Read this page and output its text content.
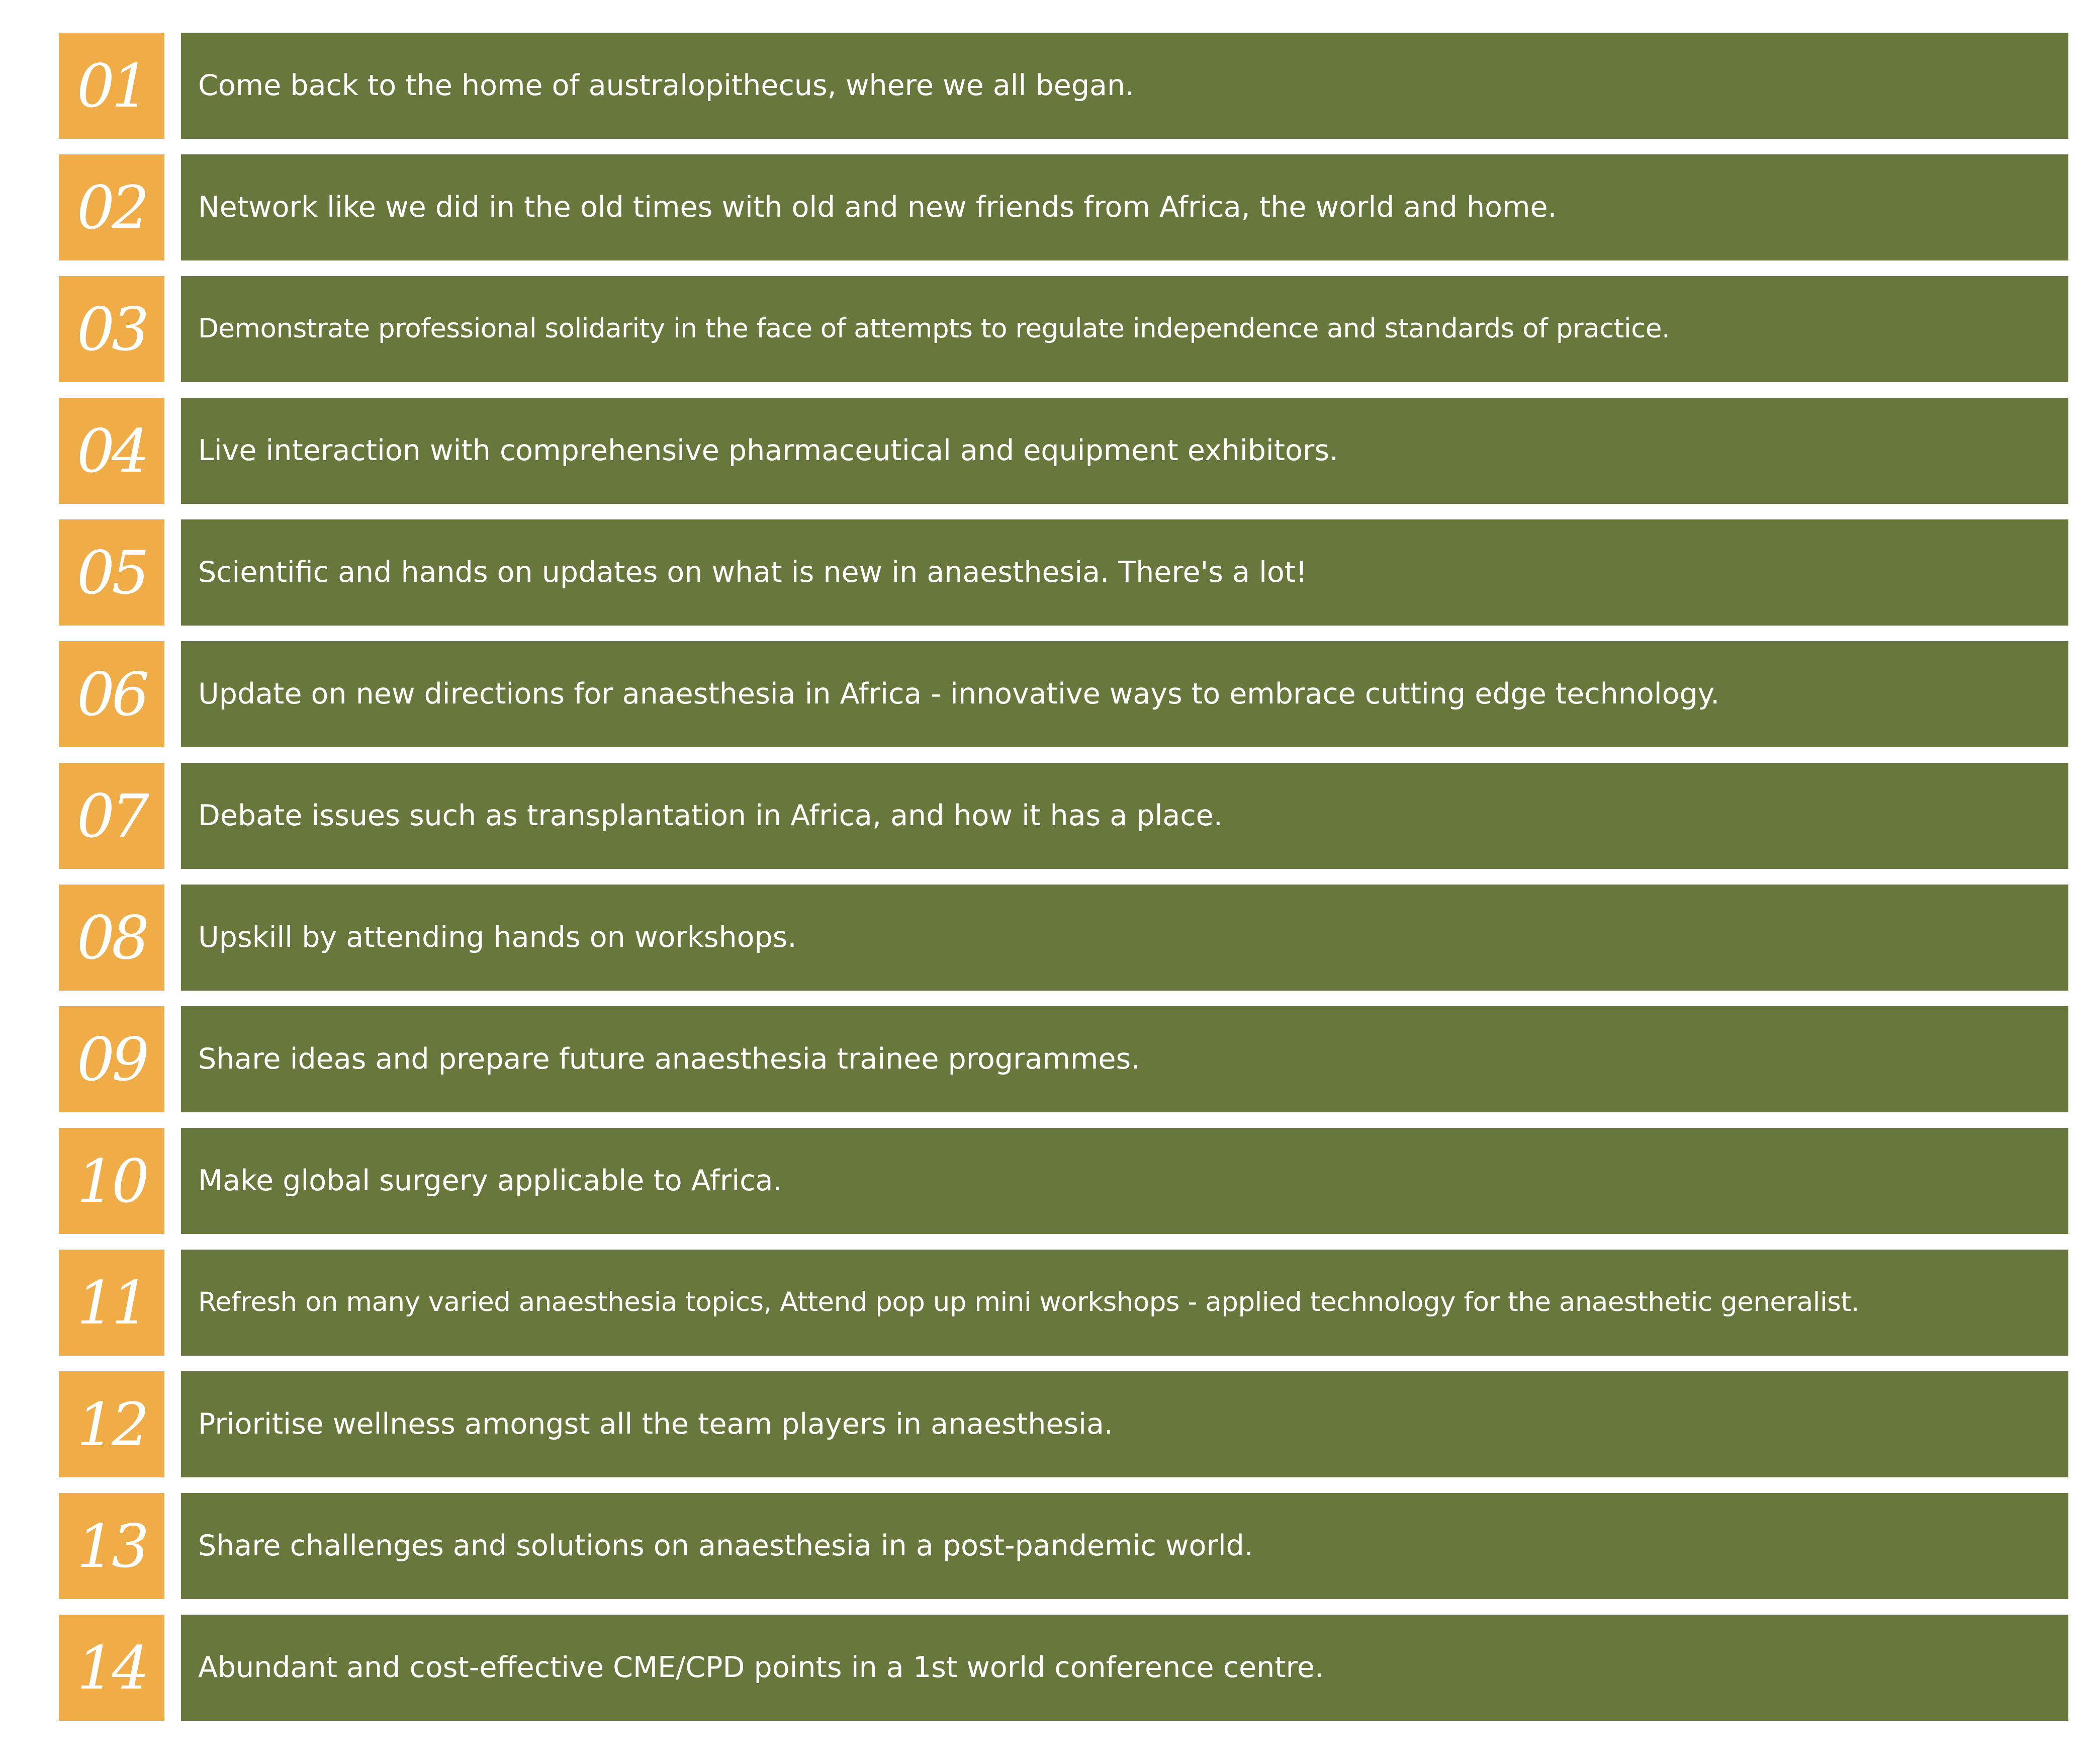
01 Come back to the home of australopithecus, where we all began.
02 Network like we did in the old times with old and new friends from Africa, the world and home.
03 Demonstrate professional solidarity in the face of attempts to regulate independence and standards of practice.
04 Live interaction with comprehensive pharmaceutical and equipment exhibitors.
05 Scientific and hands on updates on what is new in anaesthesia. There's a lot!
06 Update on new directions for anaesthesia in Africa - innovative ways to embrace cutting edge technology.
07 Debate issues such as transplantation in Africa, and how it has a place.
08 Upskill by attending hands on workshops.
09 Share ideas and prepare future anaesthesia trainee programmes.
10 Make global surgery applicable to Africa.
11 Refresh on many varied anaesthesia topics, Attend pop up mini workshops - applied technology for the anaesthetic generalist.
12 Prioritise wellness amongst all the team players in anaesthesia.
13 Share challenges and solutions on anaesthesia in a post-pandemic world.
14 Abundant and cost-effective CME/CPD points in a 1st world conference centre.
